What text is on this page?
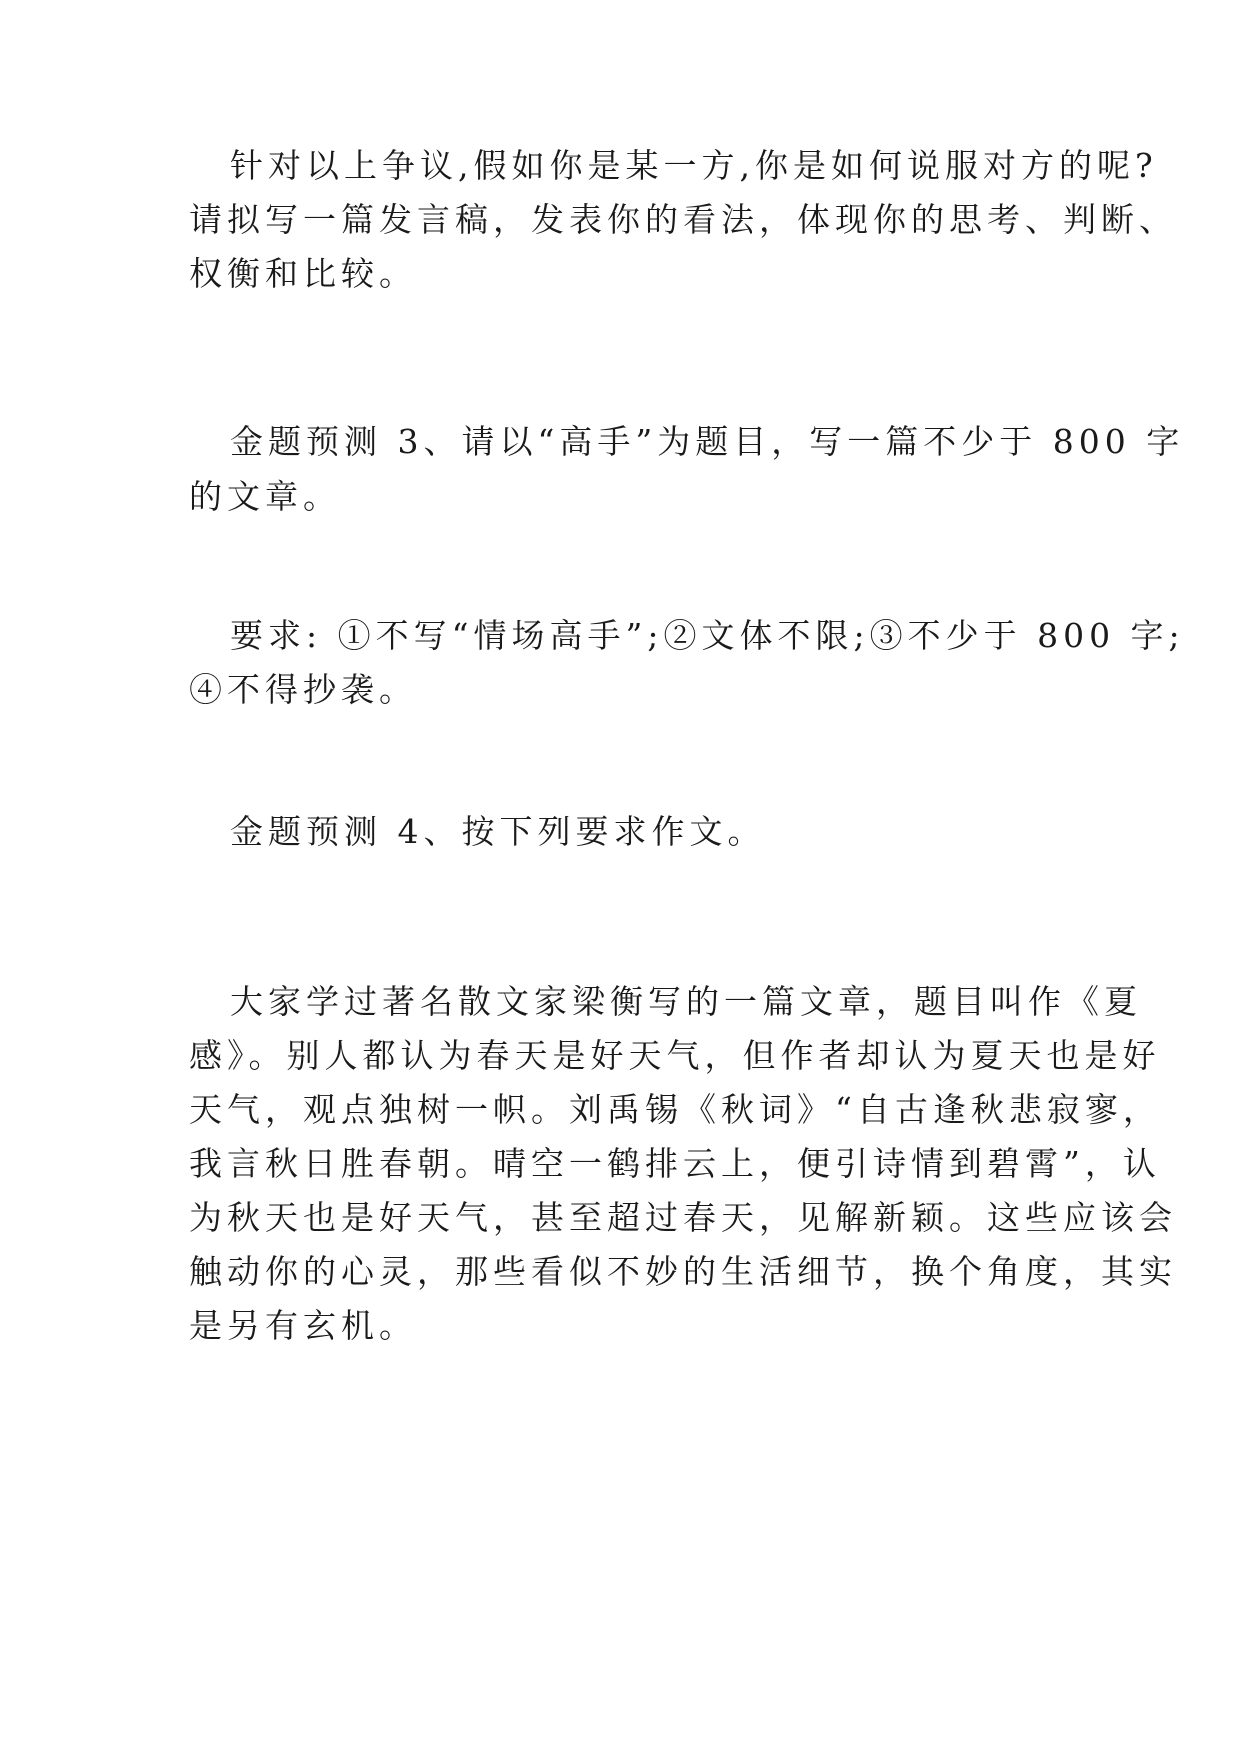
针对以上争议,假如你是某一方,你是如何说服对方的呢?
请拟写一篇发言稿，发表你的看法，体现你的思考、判断、
权衡和比较。
金题预测 3、请以“高手”为题目，写一篇不少于 800 字
的文章。
要求: ①不写“情场高手”;②文体不限;③不少于 800 字;
④不得抄袭。
金题预测 4、按下列要求作文。
大家学过著名散文家梁衡写的一篇文章，题目叫作《夏
感》。别人都认为春天是好天气，但作者却认为夏天也是好
天气，观点独树一帜。刘禹锡《秋词》“自古逢秋悲寂寥，
我言秋日胜春朝。晴空一鹤排云上，便引诗情到碧霄”，认
为秋天也是好天气，甚至超过春天，见解新颖。这些应该会
触动你的心灵，那些看似不妙的生活细节，换个角度，其实
是另有玄机。
